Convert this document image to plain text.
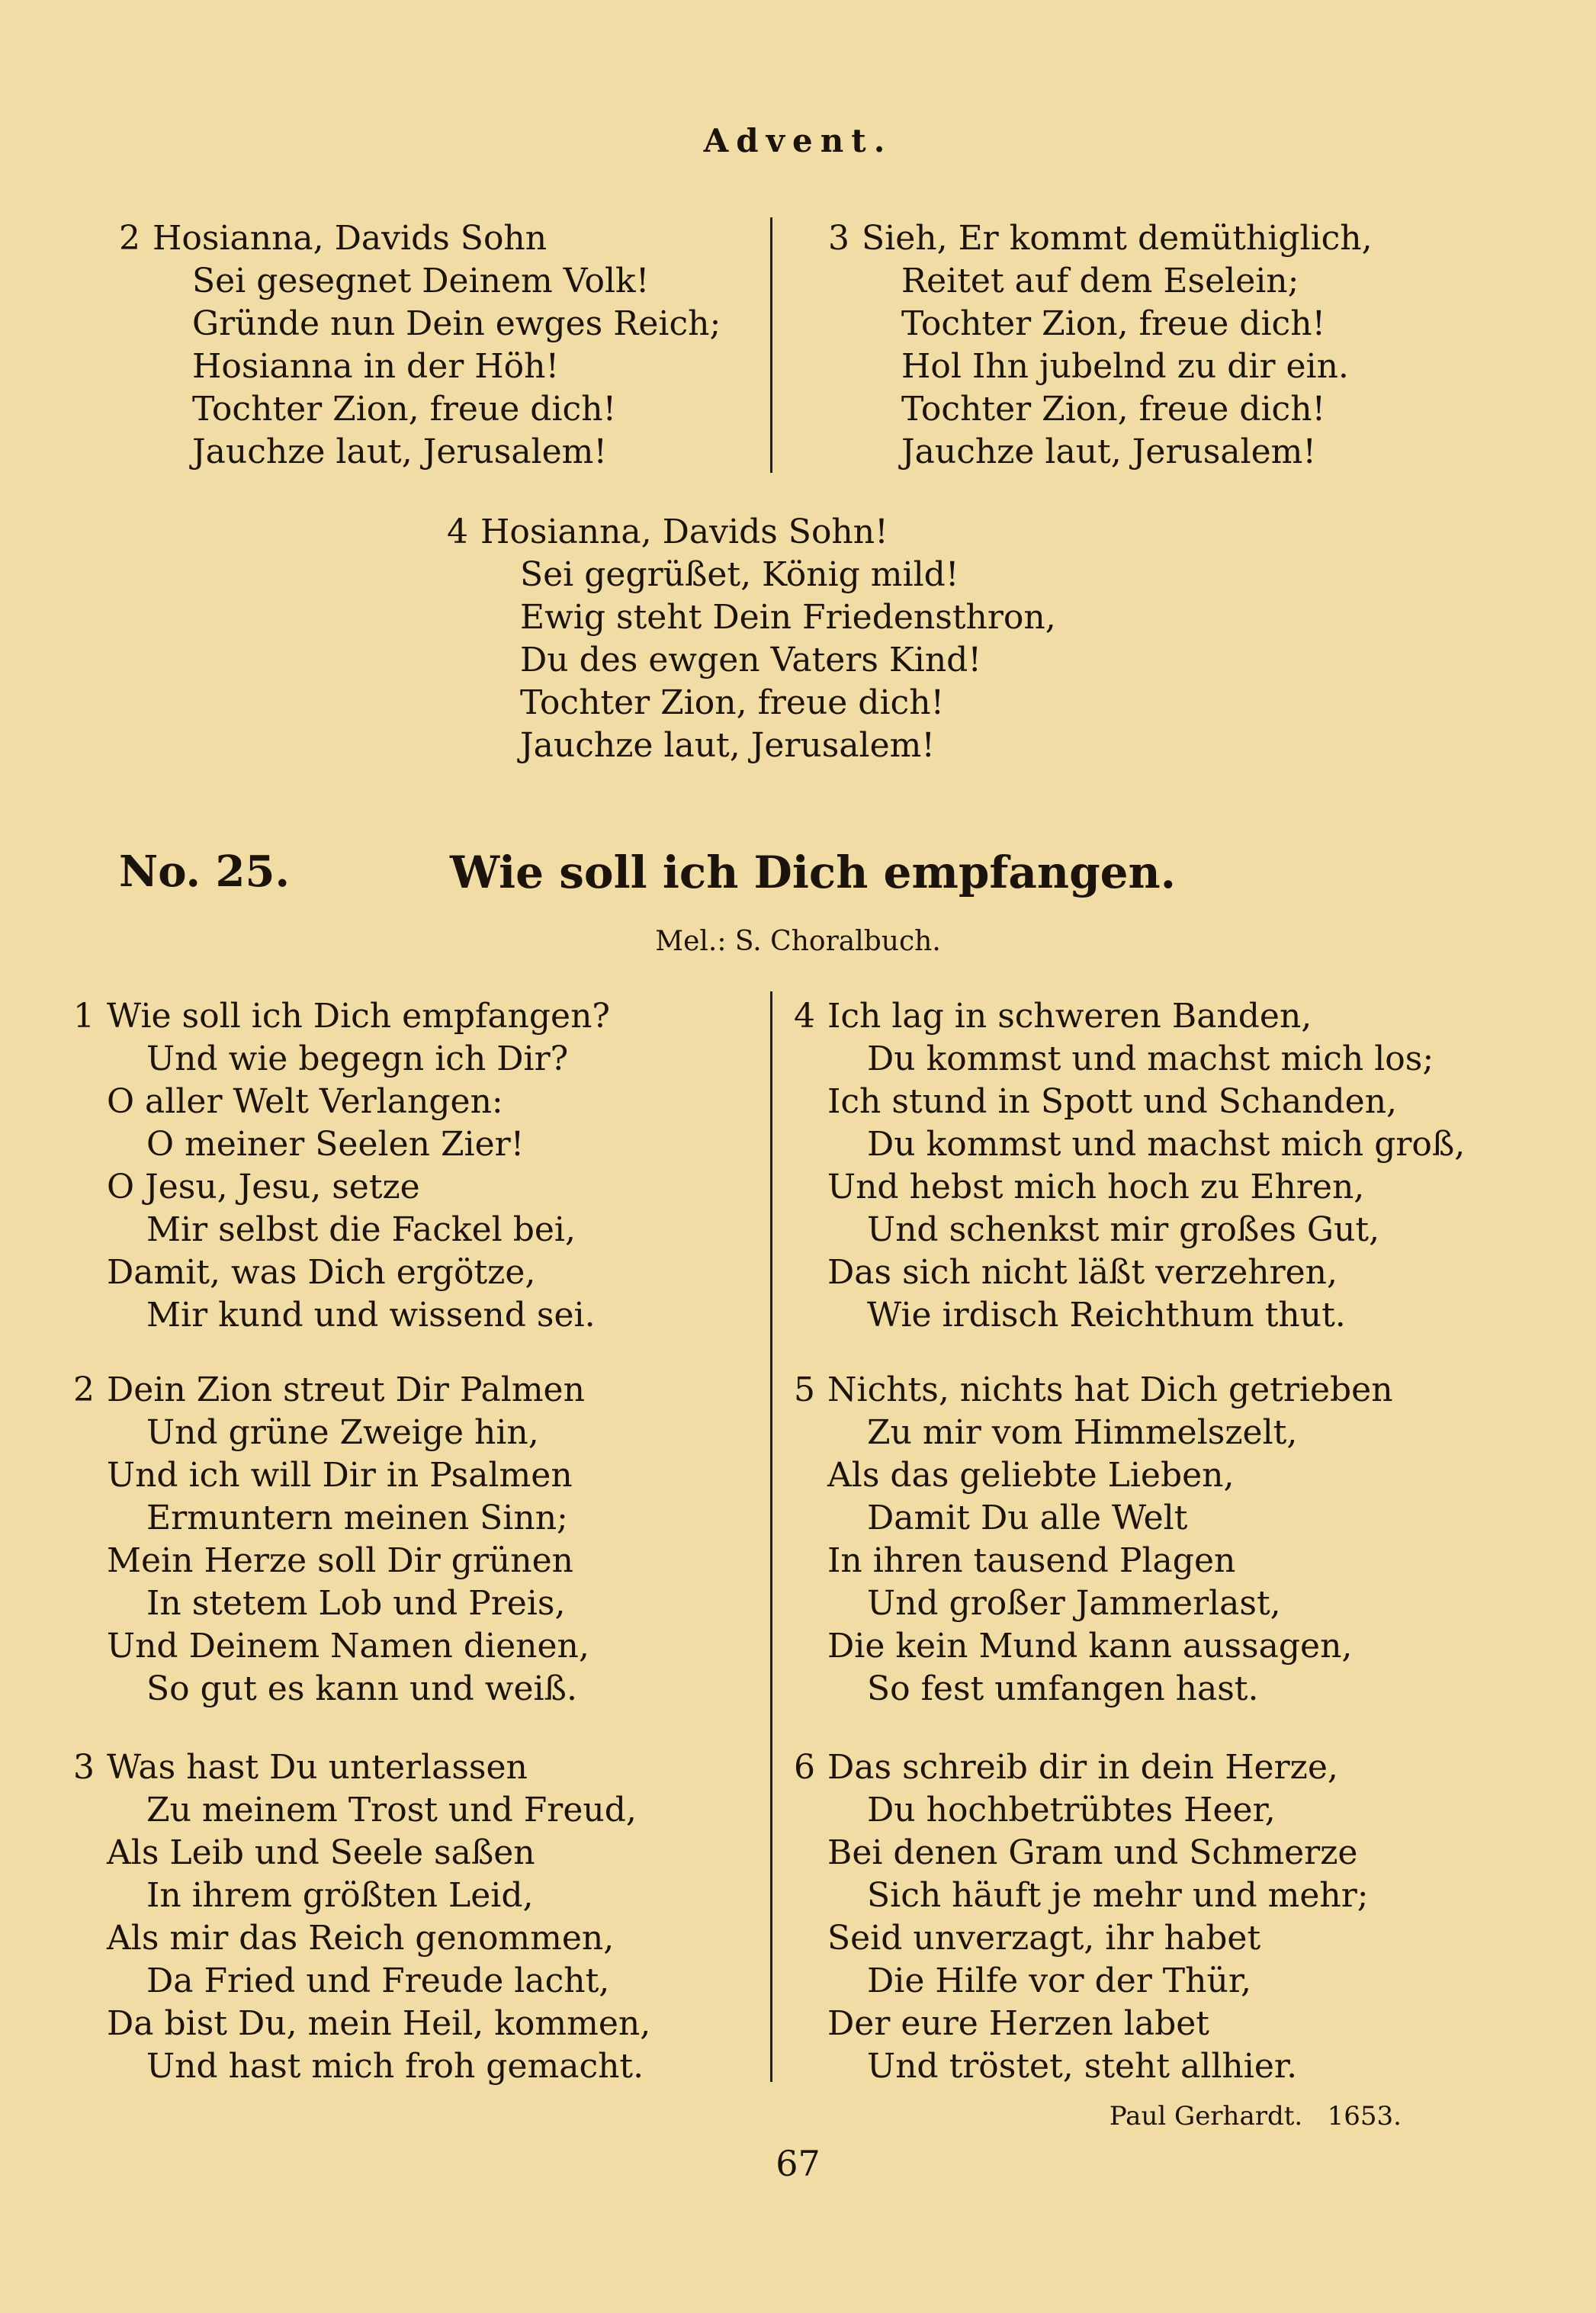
Advent.
2 Hosianna, Davids Sohn
Sei gesegnet Deinem Volk!
Gründe nun Dein ewges Reich;
Hosianna in der Höh!
Tochter Zion, freue dich!
Jauchze laut, Jerusalem!
3 Sieh, Er kommt demüthiglich,
Reitet auf dem Eselein;
Tochter Zion, freue dich!
Hol Ihn jubelnd zu dir ein.
Tochter Zion, freue dich!
Jauchze laut, Jerusalem!
4 Hosianna, Davids Sohn!
Sei gegrüßet, König mild!
Ewig steht Dein Friedensthron,
Du des ewgen Vaters Kind!
Tochter Zion, freue dich!
Jauchze laut, Jerusalem!
No. 25.	Wie soll ich Dich empfangen.
Mel.: S. Choralbuch.
1 Wie soll ich Dich empfangen?
Und wie begegn ich Dir?
O aller Welt Verlangen:
O meiner Seelen Zier!
O Jesu, Jesu, setze
Mir selbst die Fackel bei,
Damit, was Dich ergötze,
Mir kund und wissend sei.
2 Dein Zion streut Dir Palmen
Und grüne Zweige hin,
Und ich will Dir in Psalmen
Ermuntern meinen Sinn;
Mein Herze soll Dir grünen
In stetem Lob und Preis,
Und Deinem Namen dienen,
So gut es kann und weiß.
3 Was hast Du unterlassen
Zu meinem Trost und Freud,
Als Leib und Seele saßen
In ihrem größten Leid,
Als mir das Reich genommen,
Da Fried und Freude lacht,
Da bist Du, mein Heil, kommen,
Und hast mich froh gemacht.
4 Ich lag in schweren Banden,
Du kommst und machst mich los;
Ich stund in Spott und Schanden,
Du kommst und machst mich groß,
Und hebst mich hoch zu Ehren,
Und schenkst mir großes Gut,
Das sich nicht läßt verzehren,
Wie irdisch Reichthum thut.
5 Nichts, nichts hat Dich getrieben
Zu mir vom Himmelszelt,
Als das geliebte Lieben,
Damit Du alle Welt
In ihren tausend Plagen
Und großer Jammerlast,
Die kein Mund kann aussagen,
So fest umfangen hast.
6 Das schreib dir in dein Herze,
Du hochbetrübtes Heer,
Bei denen Gram und Schmerze
Sich häuft je mehr und mehr;
Seid unverzagt, ihr habet
Die Hilfe vor der Thür,
Der eure Herzen labet
Und tröstet, steht allhier.
Paul Gerhardt. 1653.
67
